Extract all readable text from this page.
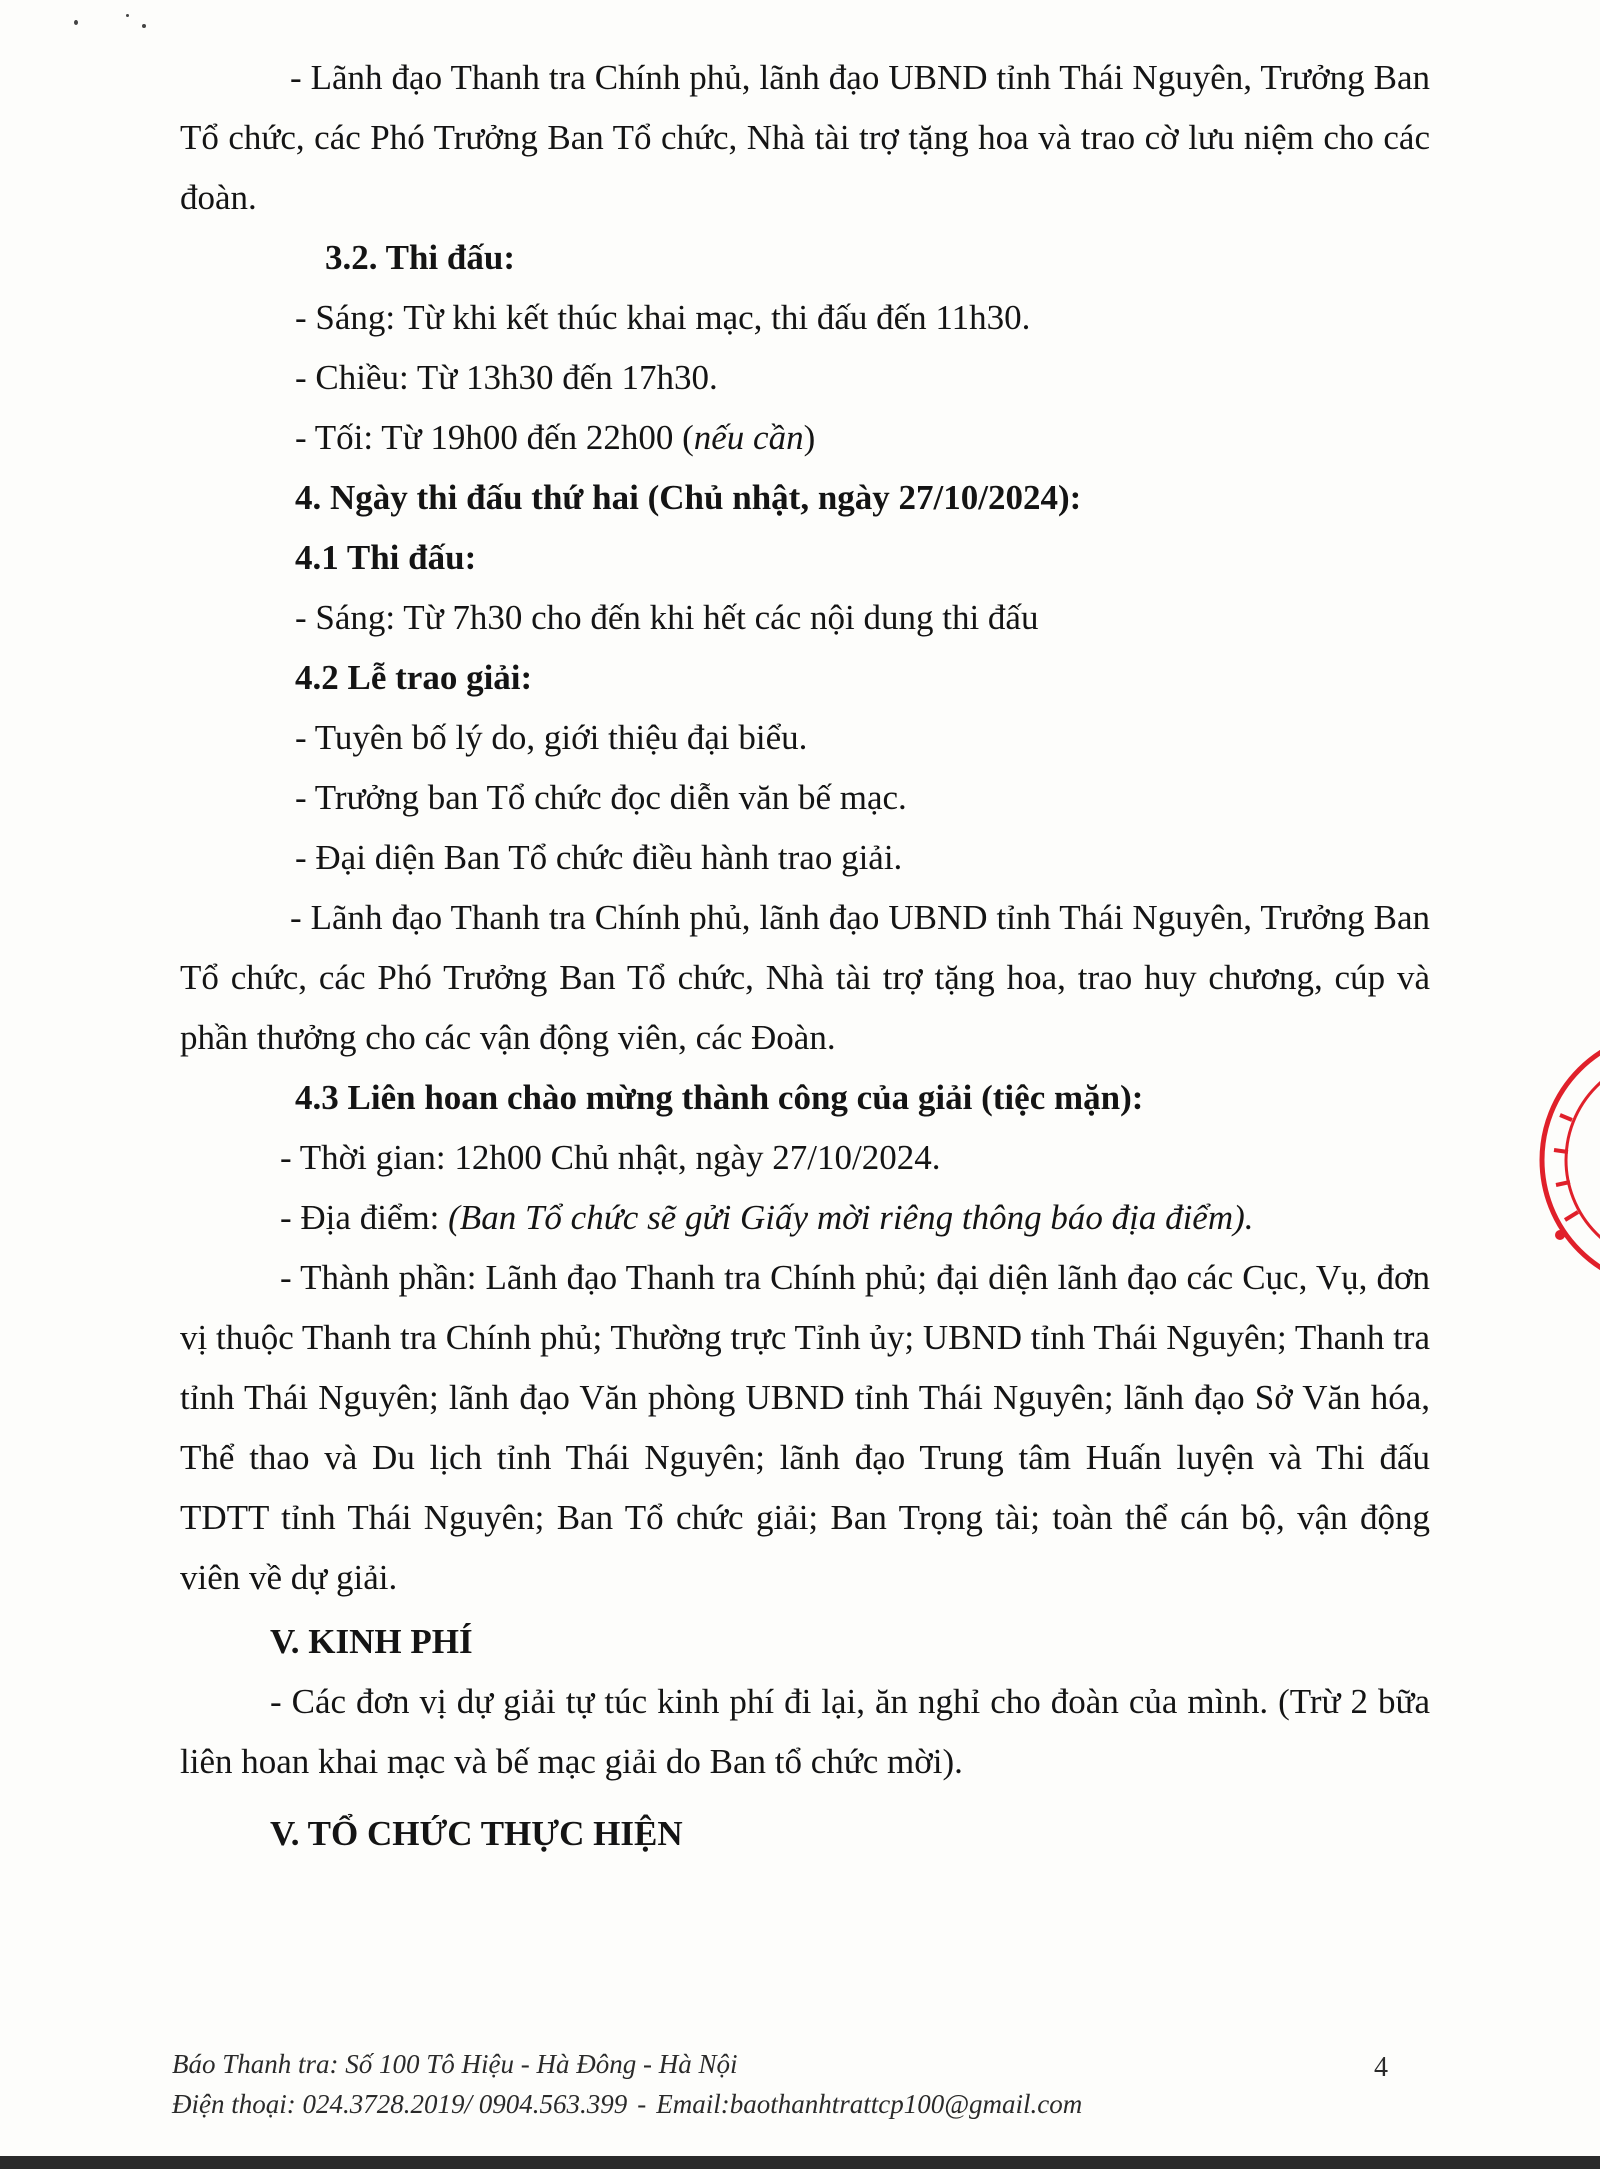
- Lãnh đạo Thanh tra Chính phủ, lãnh đạo UBND tỉnh Thái Nguyên, Trưởng Ban Tổ chức, các Phó Trưởng Ban Tổ chức, Nhà tài trợ tặng hoa và trao cờ lưu niệm cho các đoàn.

3.2. Thi đấu:

- Sáng: Từ khi kết thúc khai mạc, thi đấu đến 11h30.

- Chiều: Từ 13h30 đến 17h30.

- Tối: Từ 19h00 đến 22h00 (nếu cần)

4. Ngày thi đấu thứ hai (Chủ nhật, ngày 27/10/2024):

4.1 Thi đấu:

- Sáng: Từ 7h30 cho đến khi hết các nội dung thi đấu

4.2 Lễ trao giải:

- Tuyên bố lý do, giới thiệu đại biểu.

- Trưởng ban Tổ chức đọc diễn văn bế mạc.

- Đại diện Ban Tổ chức điều hành trao giải.

- Lãnh đạo Thanh tra Chính phủ, lãnh đạo UBND tỉnh Thái Nguyên, Trưởng Ban Tổ chức, các Phó Trưởng Ban Tổ chức, Nhà tài trợ tặng hoa, trao huy chương, cúp và phần thưởng cho các vận động viên, các Đoàn.

4.3 Liên hoan chào mừng thành công của giải (tiệc mặn):

- Thời gian: 12h00 Chủ nhật, ngày 27/10/2024.

- Địa điểm: (Ban Tổ chức sẽ gửi Giấy mời riêng thông báo địa điểm).

- Thành phần: Lãnh đạo Thanh tra Chính phủ; đại diện lãnh đạo các Cục, Vụ, đơn vị thuộc Thanh tra Chính phủ; Thường trực Tỉnh ủy; UBND tỉnh Thái Nguyên; Thanh tra tỉnh Thái Nguyên; lãnh đạo Văn phòng UBND tỉnh Thái Nguyên; lãnh đạo Sở Văn hóa, Thể thao và Du lịch tỉnh Thái Nguyên; lãnh đạo Trung tâm Huấn luyện và Thi đấu TDTT tỉnh Thái Nguyên; Ban Tổ chức giải; Ban Trọng tài; toàn thể cán bộ, vận động viên về dự giải.

V. KINH PHÍ

- Các đơn vị dự giải tự túc kinh phí đi lại, ăn nghỉ cho đoàn của mình. (Trừ 2 bữa liên hoan khai mạc và bế mạc giải do Ban tổ chức mời).

V. TỔ CHỨC THỰC HIỆN

Báo Thanh tra: Số 100 Tô Hiệu - Hà Đông - Hà Nội
Điện thoại: 024.3728.2019/ 0904.563.399 - Email:baothanhtrattcp100@gmail.com
4
